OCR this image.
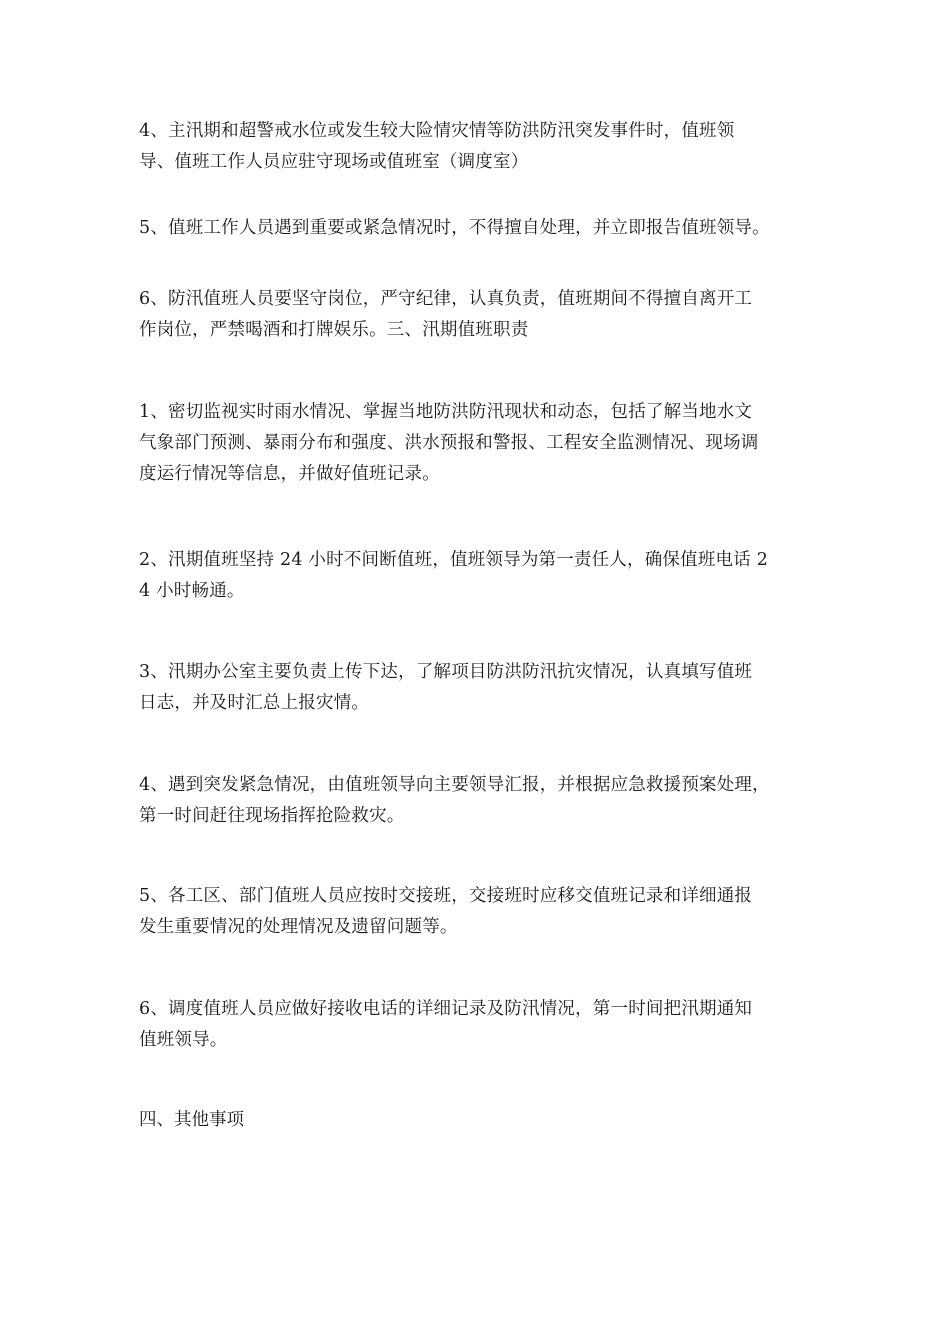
4、主汛期和超警戒水位或发生较大险情灾情等防洪防汛突发事件时，值班领
导、值班工作人员应驻守现场或值班室（调度室）

5、值班工作人员遇到重要或紧急情况时，不得擅自处理，并立即报告值班领导。

6、防汛值班人员要坚守岗位，严守纪律，认真负责，值班期间不得擅自离开工
作岗位，严禁喝酒和打牌娱乐。三、汛期值班职责

1、密切监视实时雨水情况、掌握当地防洪防汛现状和动态，包括了解当地水文
气象部门预测、暴雨分布和强度、洪水预报和警报、工程安全监测情况、现场调
度运行情况等信息，并做好值班记录。

2、汛期值班坚持 24 小时不间断值班，值班领导为第一责任人，确保值班电话 2
4 小时畅通。

3、汛期办公室主要负责上传下达，了解项目防洪防汛抗灾情况，认真填写值班
日志，并及时汇总上报灾情。

4、遇到突发紧急情况，由值班领导向主要领导汇报，并根据应急救援预案处理，
第一时间赶往现场指挥抢险救灾。

5、各工区、部门值班人员应按时交接班，交接班时应移交值班记录和详细通报
发生重要情况的处理情况及遗留问题等。

6、调度值班人员应做好接收电话的详细记录及防汛情况，第一时间把汛期通知
值班领导。

四、其他事项
